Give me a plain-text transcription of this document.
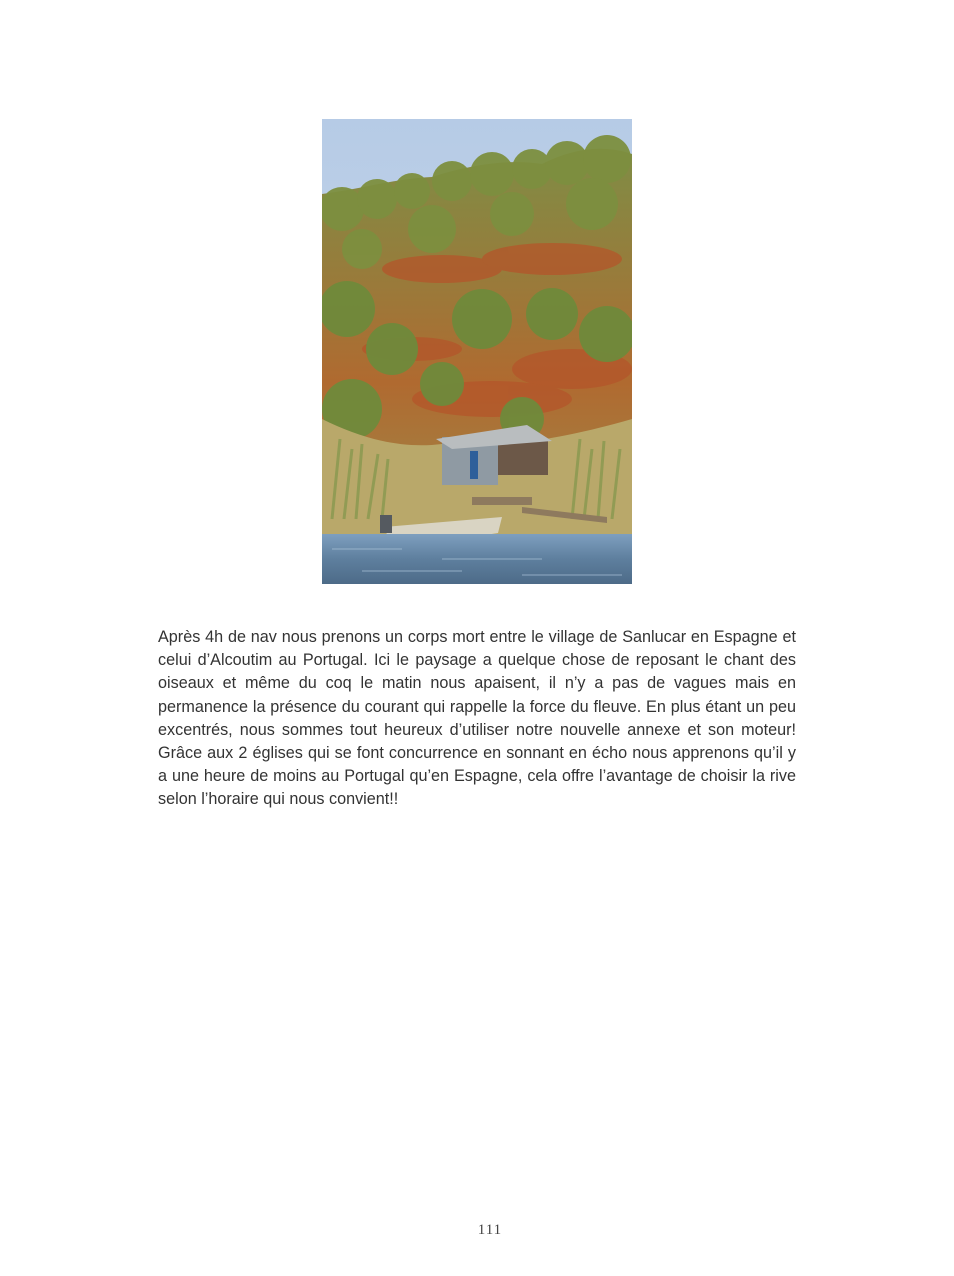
Après 4h de nav nous prenons un corps mort entre le village de Sanlucar en Espagne et celui d’Alcoutim au Portugal. Ici le paysage a quelque chose de reposant le chant des oiseaux et même du coq le matin nous apaisent, il n’y a pas de vagues mais en permanence la présence du courant qui rappelle la force du fleuve. En plus étant un peu excentrés, nous sommes tout heureux d’utiliser notre nouvelle annexe et son moteur! Grâce aux 2 églises qui se font concurrence en sonnant en écho nous apprenons qu’il y a une heure de moins au Portugal qu’en Espagne, cela offre l’avantage de choisir la rive selon l’horaire qui nous convient!!

111
